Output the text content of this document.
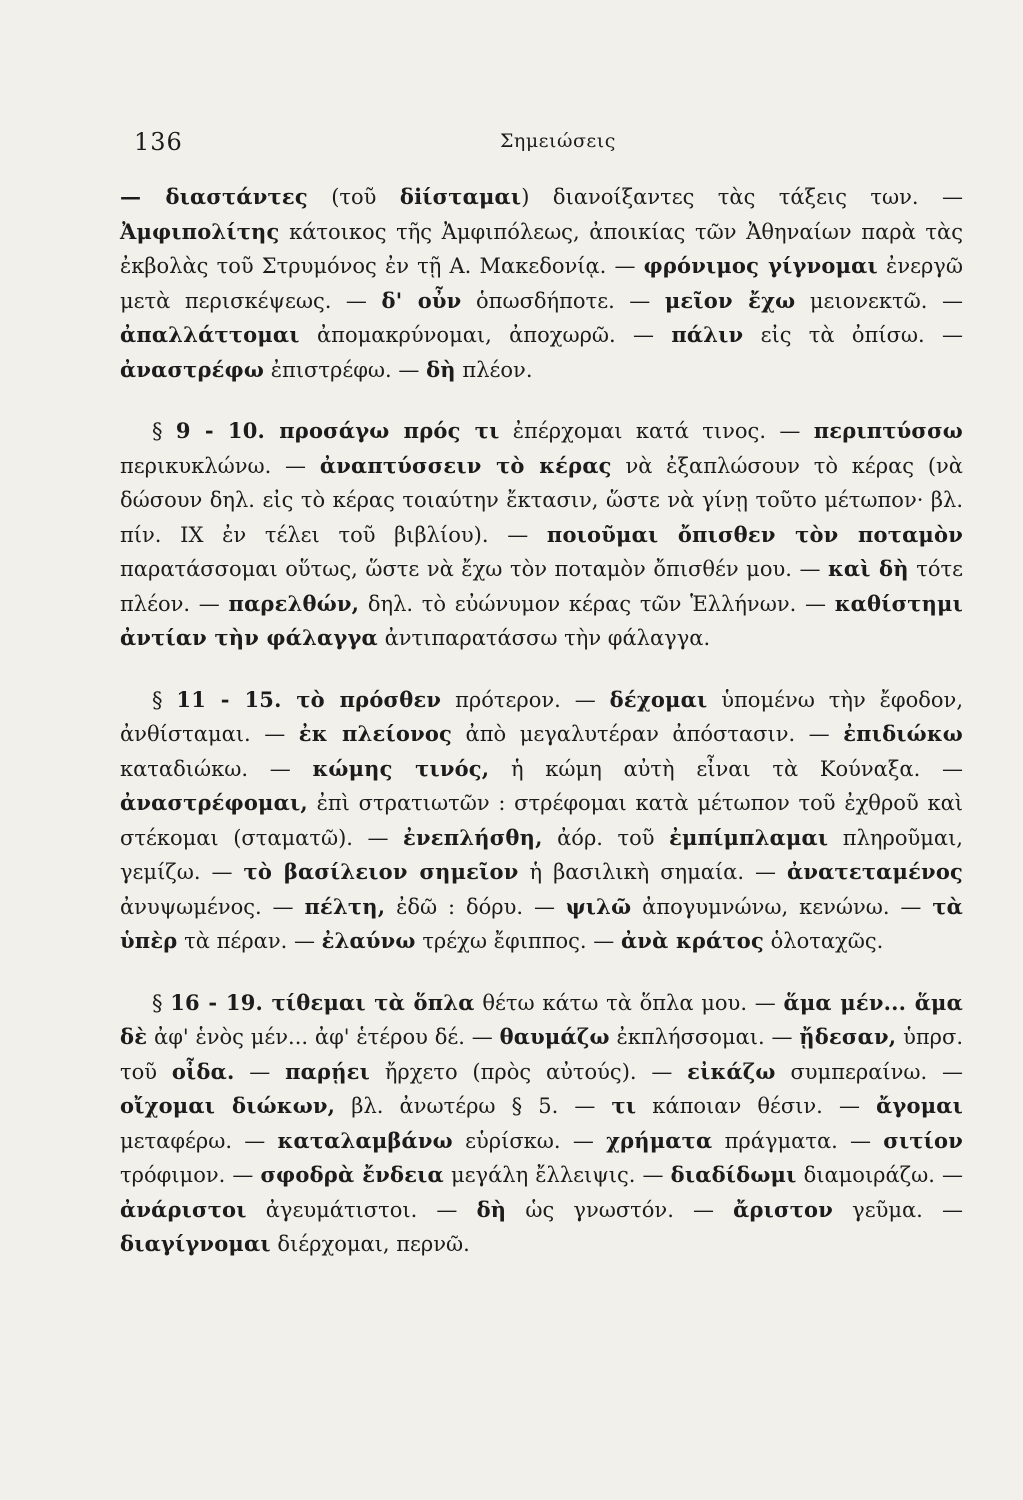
136	Σημειώσεις

— διαστάντες (τοῦ δiίσταμαι) διανοίξαντες τὰς τάξεις των. — Ἀμφιπολίτης κάτοικος τῆς Ἀμφιπόλεως, ἀποικίας τῶν Ἀθηναίων παρὰ τὰς ἐκβολὰς τοῦ Στρυμόνος ἐν τῇ Α. Μακεδονίᾳ. — φρόνιμος γίγνομαι ἐνεργῶ μετὰ περισκέψεως. — δ' οὖν ὁπωσδήποτε. — μεῖον ἔχω μειονεκτῶ. — ἀπαλλάττομαι ἀπομακρύνομαι, ἀποχωρῶ. — πάλιν εἰς τὰ ὀπίσω. — ἀναστρέφω ἐπιστρέφω. — δὴ πλέον.

§ 9 - 10. προσάγω πρός τι ἐπέρχομαι κατά τινος. — περιπτύσσω περικυκλώνω. — ἀναπτύσσειν τὸ κέρας νὰ ἐξαπλώσουν τὸ κέρας (νὰ δώσουν δηλ. εἰς τὸ κέρας τοιαύτην ἔκτασιν, ὥστε νὰ γίνῃ τοῦτο μέτωπον· βλ. πίν. IX ἐν τέλει τοῦ βιβλίου). — ποιοῦμαι ὄπισθεν τὸν ποταμὸν παρατάσσομαι οὕτως, ὥστε νὰ ἔχω τὸν ποταμὸν ὄπισθέν μου. — καὶ δὴ τότε πλέον. — παρελθών, δηλ. τὸ εὐώνυμον κέρας τῶν Ἑλλήνων. — καθίστημι ἀντίαν τὴν φάλαγγα ἀντιπαρατάσσω τὴν φάλαγγα.

§ 11 - 15. τὸ πρόσθεν πρότερον. — δέχομαι ὑπομένω τὴν ἔφοδον, ἀνθίσταμαι. — ἐκ πλείονος ἀπὸ μεγαλυτέραν ἀπόστασιν. — ἐπιδιώκω καταδιώκω. — κώμης τινός, ἡ κώμη αὐτὴ εἶναι τὰ Κούναξα. — ἀναστρέφομαι, ἐπὶ στρατιωτῶν : στρέφομαι κατὰ μέτωπον τοῦ ἐχθροῦ καὶ στέκομαι (σταματῶ). — ἐνεπλήσθη, ἀόρ. τοῦ ἐμπίμπλαμαι πληροῦμαι, γεμίζω. — τὸ βασίλειον σημεῖον ἡ βασιλικὴ σημαία. — ἀνατεταμένος ἀνυψωμένος. — πέλτη, ἐδῶ : δόρυ. — ψιλῶ ἀπογυμνώνω, κενώνω. — τὰ ὑπὲρ τὰ πέραν. — ἐλαύνω τρέχω ἔφιππος. — ἀνὰ κράτος ὁλοταχῶς.

§ 16 - 19. τίθεμαι τὰ ὅπλα θέτω κάτω τὰ ὅπλα μου. — ἅμα μέν... ἅμα δὲ ἀφ' ἑνὸς μέν... ἀφ' ἑτέρου δέ. — θαυμάζω ἐκπλήσσομαι. — ᾔδεσαν, ὑπρσ. τοῦ οἶδα. — παρῄει ἤρχετο (πρὸς αὐτούς). — εἰκάζω συμπεραίνω. — οἴχομαι διώκων, βλ. ἀνωτέρω § 5. — τι κάποιαν θέσιν. — ἄγομαι μεταφέρω. — καταλαμβάνω εὑρίσκω. — χρήματα πράγματα. — σιτίον τρόφιμον. — σφοδρὰ ἔνδεια μεγάλη ἔλλειψις. — διαδίδωμι διαμοιράζω. — ἀνάριστοι ἀγευμάτιστοι. — δὴ ὡς γνωστόν. — ἄριστον γεῦμα. — διαγίγνομαι διέρχομαι, περνῶ.
